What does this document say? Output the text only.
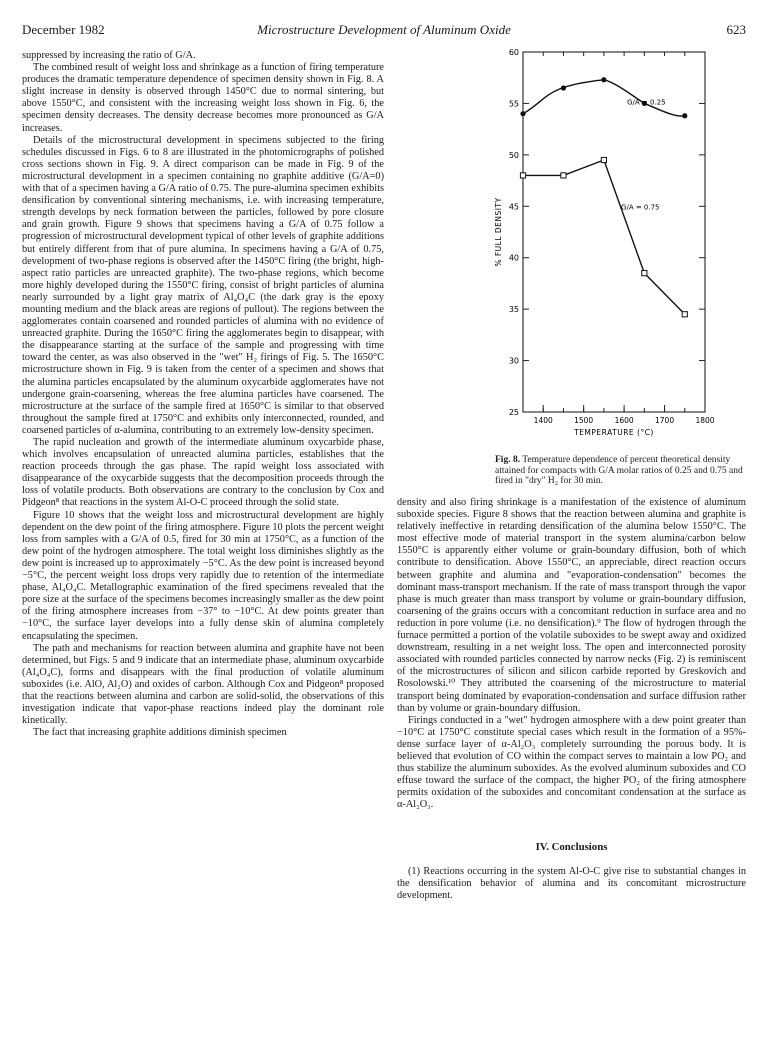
December 1982	Microstructure Development of Aluminum Oxide	623

suppressed by increasing the ratio of G/A.

The combined result of weight loss and shrinkage as a function of firing temperature produces the dramatic temperature dependence of specimen density shown in Fig. 8. A slight increase in density is observed through 1450°C due to normal sintering, but above 1550°C, and consistent with the increasing weight loss shown in Fig. 6, the specimen density decreases. The density decrease becomes more pronounced as G/A increases.

Details of the microstructural development in specimens subjected to the firing schedules discussed in Figs. 6 to 8 are illustrated in the photomicrographs of polished cross sections shown in Fig. 9. A direct comparison can be made in Fig. 9 of the microstructural development in a specimen containing no graphite additive (G/A=0) with that of a specimen having a G/A ratio of 0.75. The pure-alumina specimen exhibits densification by conventional sintering mechanisms, i.e. with increasing temperature, strength develops by neck formation between the particles, followed by pore closure and grain growth. Figure 9 shows that specimens having a G/A of 0.75 follow a progression of microstructural development typical of other levels of graphite additions but entirely different from that of pure alumina. In specimens having a G/A of 0.75, development of two-phase regions is observed after the 1450°C firing (the bright, high-aspect ratio particles are unreacted graphite). The two-phase regions, which become more highly developed during the 1550°C firing, consist of bright particles of alumina nearly surrounded by a light gray matrix of Al₄O₄C (the dark gray is the epoxy mounting medium and the black areas are regions of pullout). The regions between the agglomerates contain coarsened and rounded particles of alumina with no evidence of unreacted graphite. During the 1650°C firing the agglomerates begin to disappear, with the disappearance starting at the surface of the sample and progressing with time toward the center, as was also observed in the "wet" H₂ firings of Fig. 5. The 1650°C microstructure shown in Fig. 9 is taken from the center of a specimen and shows that the alumina particles encapsulated by the aluminum oxycarbide agglomerates have not undergone grain-coarsening, whereas the free alumina particles have coarsened. The microstructure at the surface of the sample fired at 1650°C is similar to that observed throughout the sample fired at 1750°C and exhibits only interconnected, rounded, and coarsened particles of α-alumina, contributing to an extremely low-density specimen.

The rapid nucleation and growth of the intermediate aluminum oxycarbide phase, which involves encapsulation of unreacted alumina particles, establishes that the reaction proceeds through the gas phase. The rapid weight loss associated with disappearance of the oxycarbide suggests that the decomposition proceeds through the loss of volatile products. Both observations are contrary to the conclusion by Cox and Pidgeon⁸ that reactions in the system Al-O-C proceed through the solid state.

Figure 10 shows that the weight loss and microstructural development are highly dependent on the dew point of the firing atmosphere. Figure 10 plots the percent weight loss from samples with a G/A of 0.5, fired for 30 min at 1750°C, as a function of the dew point of the hydrogen atmosphere. The total weight loss diminishes slightly as the dew point is increased up to approximately −5°C. As the dew point is increased beyond −5°C, the percent weight loss drops very rapidly due to retention of the intermediate phase, Al₄O₄C. Metallographic examination of the fired specimens revealed that the pore size at the surface of the specimens becomes increasingly smaller as the dew point of the firing atmosphere increases from −37° to −10°C. At dew points greater than −10°C, the surface layer develops into a fully dense skin of alumina completely encapsulating the specimen.

The path and mechanisms for reaction between alumina and graphite have not been determined, but Figs. 5 and 9 indicate that an intermediate phase, aluminum oxycarbide (Al₄O₄C), forms and disappears with the final production of volatile aluminum suboxides (i.e. AlO, Al₂O) and oxides of carbon. Although Cox and Pidgeon⁸ proposed that the reactions between alumina and carbon are solid-solid, the observations of this investigation indicate that vapor-phase reactions indeed play the dominant role kinetically.

The fact that increasing graphite additions diminish specimen

25
30
35
40
45
50
55
60
1400	1500	1600	1700	1800
TEMPERATURE (°C)
% FULL DENSITY
G/A = 0.25
G/A = 0.75
Fig. 8. Temperature dependence of percent theoretical density attained for compacts with G/A molar ratios of 0.25 and 0.75 and fired in "dry" H₂ for 30 min.

density and also firing shrinkage is a manifestation of the existence of aluminum suboxide species. Figure 8 shows that the reaction between alumina and graphite is relatively ineffective in retarding densification of the alumina below 1550°C. The most effective mode of material transport in the system alumina/carbon below 1550°C is apparently either volume or grain-boundary diffusion, both of which contribute to densification. Above 1550°C, an appreciable, direct reaction occurs between graphite and alumina and "evaporation-condensation" becomes the dominant mass-transport mechanism. If the rate of mass transport through the vapor phase is much greater than mass transport by volume or grain-boundary diffusion, coarsening of the grains occurs with a concomitant reduction in surface area and no reduction in pore volume (i.e. no densification).⁹ The flow of hydrogen through the furnace permitted a portion of the volatile suboxides to be swept away and oxidized downstream, resulting in a net weight loss. The open and interconnected porosity associated with rounded particles connected by narrow necks (Fig. 2) is reminiscent of the microstructures of silicon and silicon carbide reported by Greskovich and Rosolowski.¹⁰ They attributed the coarsening of the microstructure to material transport being dominated by evaporation-condensation and surface diffusion rather than by volume or grain-boundary diffusion.

Firings conducted in a "wet" hydrogen atmosphere with a dew point greater than −10°C at 1750°C constitute special cases which result in the formation of a 95%-dense surface layer of α-Al₂O₃ completely surrounding the porous body. It is believed that evolution of CO within the compact serves to maintain a low PO₂ and thus stabilize the aluminum suboxides. As the evolved aluminum suboxides and CO effuse toward the surface of the compact, the higher PO₂ of the firing atmosphere permits oxidation of the suboxides and concomitant condensation at the surface as α-Al₂O₃.

IV. Conclusions

(1) Reactions occurring in the system Al-O-C give rise to substantial changes in the densification behavior of alumina and its concomitant microstructure development.
